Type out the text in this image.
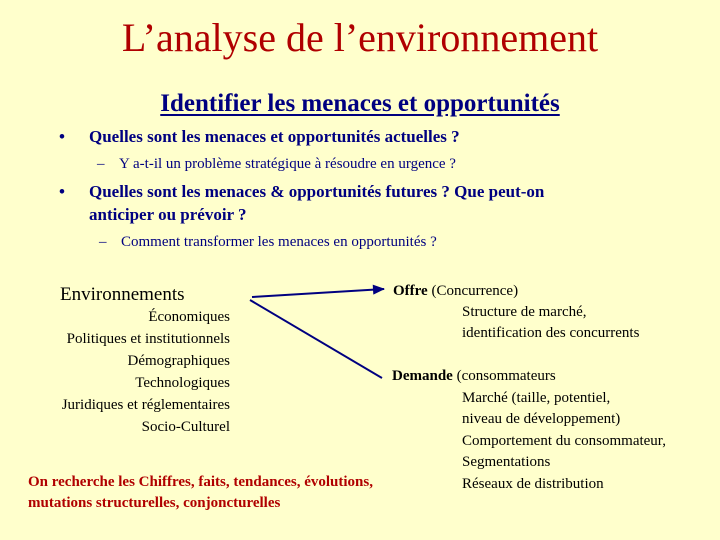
L’analyse de l’environnement
Identifier les menaces et opportunités
• Quelles sont les menaces et opportunités actuelles ?
– Y a-t-il un problème stratégique à résoudre en urgence ?
• Quelles sont les menaces & opportunités futures ? Que peut-on
anticiper ou prévoir ?
– Comment transformer les menaces en opportunités ?
Environnements
Économiques
Politiques et institutionnels
Démographiques
Technologiques
Juridiques et réglementaires
Socio-Culturel
Offre (Concurrence)
Structure de marché,
identification des concurrents
Demande (consommateurs
Marché (taille, potentiel,
niveau de développement)
Comportement du consommateur,
Segmentations
Réseaux de distribution
On recherche les Chiffres, faits, tendances, évolutions,
mutations structurelles, conjoncturelles
